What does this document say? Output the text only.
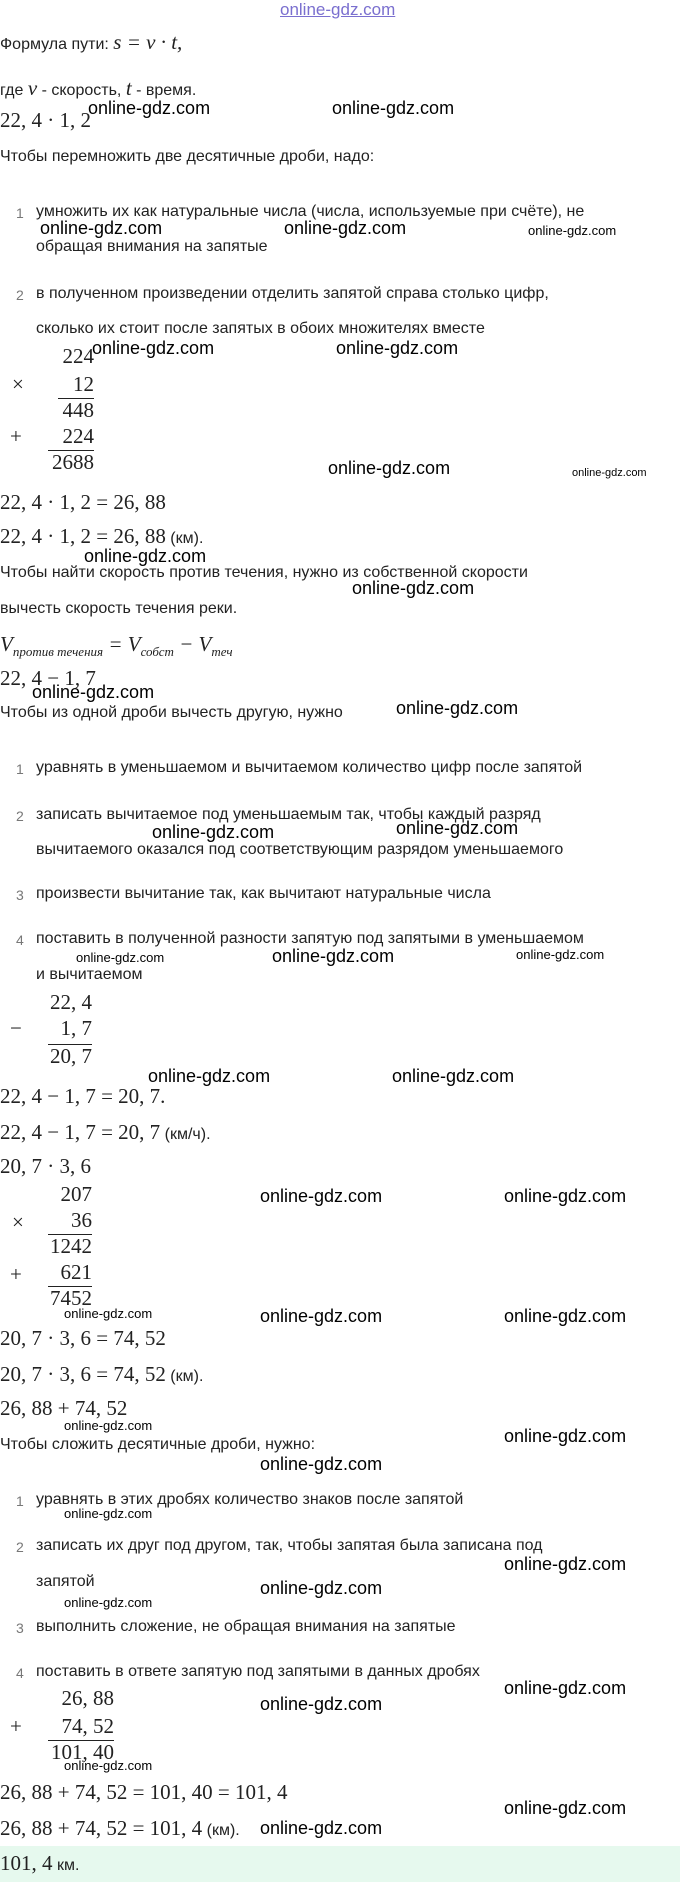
online-gdz.com
Формула пути: s = v · t,
где v - скорость, t - время.
22, 4 · 1, 2
Чтобы перемножить две десятичные дроби, надо:
1 умножить их как натуральные числа (числа, используемые при счёте), не
обращая внимания на запятые
2 в полученном произведении отделить запятой справа столько цифр,
сколько их стоит после запятых в обоих множителях вместе
224
×	12
448
+	224
2688
22, 4 · 1, 2 = 26, 88
22, 4 · 1, 2 = 26, 88 (км).
Чтобы найти скорость против течения, нужно из собственной скорости
вычесть скорость течения реки.
$V_{против течения} = V_{собст} - V_{теч}$
22, 4 − 1, 7
Чтобы из одной дроби вычесть другую, нужно
1 уравнять в уменьшаемом и вычитаемом количество цифр после запятой
2 записать вычитаемое под уменьшаемым так, чтобы каждый разряд
вычитаемого оказался под соответствующим разрядом уменьшаемого
3 произвести вычитание так, как вычитают натуральные числа
4 поставить в полученной разности запятую под запятыми в уменьшаемом
и вычитаемом
22, 4
−	1, 7
20, 7
22, 4 − 1, 7 = 20, 7.
22, 4 − 1, 7 = 20, 7 (км/ч).
20, 7 · 3, 6
207
×	36
1242
+	621
7452
20, 7 · 3, 6 = 74, 52
20, 7 · 3, 6 = 74, 52 (км).
26, 88 + 74, 52
Чтобы сложить десятичные дроби, нужно:
1 уравнять в этих дробях количество знаков после запятой
2 записать их друг под другом, так, чтобы запятая была записана под
запятой
3 выполнить сложение, не обращая внимания на запятые
4 поставить в ответе запятую под запятыми в данных дробях
26, 88
+	74, 52
101, 40
26, 88 + 74, 52 = 101, 40 = 101, 4
26, 88 + 74, 52 = 101, 4 (км).
101, 4 км.
online-gdz.com	online-gdz.com
online-gdz.com	online-gdz.com	online-gdz.com
online-gdz.com	online-gdz.com
online-gdz.com	online-gdz.com
online-gdz.com
online-gdz.com
online-gdz.com
online-gdz.com
online-gdz.com	online-gdz.com
online-gdz.com	online-gdz.com	online-gdz.com
online-gdz.com	online-gdz.com
online-gdz.com	online-gdz.com
online-gdz.com	online-gdz.com	online-gdz.com
online-gdz.com
online-gdz.com
online-gdz.com
online-gdz.com
online-gdz.com
online-gdz.com
online-gdz.com
online-gdz.com
online-gdz.com
online-gdz.com
online-gdz.com
online-gdz.com
